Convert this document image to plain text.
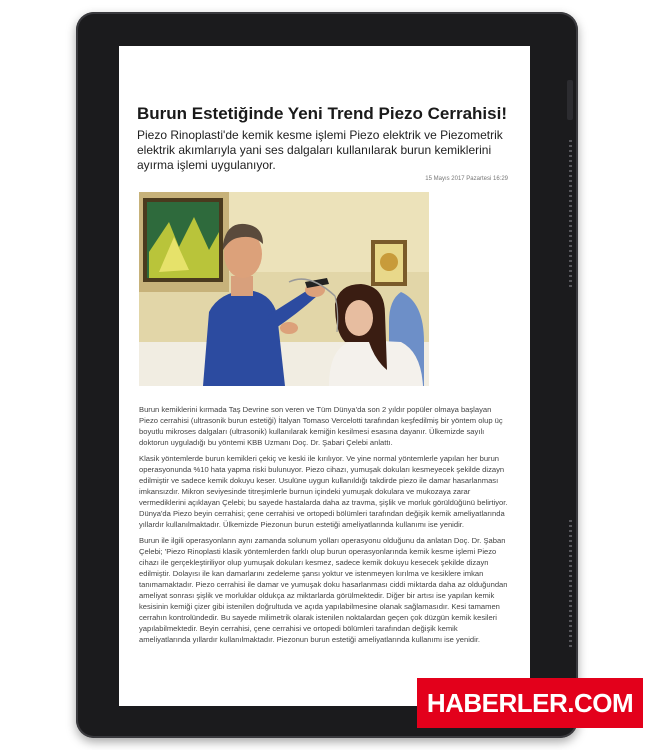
Burun Estetiğinde Yeni Trend Piezo Cerrahisi!

Piezo Rinoplasti'de kemik kesme işlemi Piezo elektrik ve Piezometrik elektrik akımlarıyla yani ses dalgaları kullanılarak burun kemiklerini ayırma işlemi uygulanıyor.

15 Mayıs 2017 Pazartesi 16:29

Burun kemiklerini kırmada Taş Devrine son veren ve Tüm Dünya'da son 2 yıldır popüler olmaya başlayan Piezo cerrahisi (ultrasonik burun estetiği) İtalyan Tomaso Vercelotti tarafından keşfedilmiş bir yöntem olup üç boyutlu mikroses dalgaları (ultrasonik) kullanılarak kemiğin kesilmesi esasına dayanır. Ülkemizde sayılı doktorun uyguladığı bu yöntemi KBB Uzmanı Doç. Dr. Şabari Çelebi anlattı.

Klasik yöntemlerde burun kemikleri çekiç ve keski ile kırılıyor. Ve yine normal yöntemlerle yapılan her burun operasyonunda %10 hata yapma riski bulunuyor. Piezo cihazı, yumuşak dokuları kesmeyecek şekilde dizayn edilmiştir ve sadece kemik dokuyu keser. Usulüne uygun kullanıldığı takdirde piezo ile damar hasarlanması imkansızdır. Mikron seviyesinde titreşimlerle burnun içindeki yumuşak dokulara ve mukozaya zarar vermediklerini açıklayan Çelebi; bu sayede hastalarda daha az travma, şişlik ve morluk görüldüğünü belirtiyor. Dünya'da Piezo beyin cerrahisi; çene cerrahisi ve ortopedi bölümleri tarafından değişik kemik ameliyatlarında yıllardır kullanılmaktadır. Ülkemizde Piezonun burun estetiği ameliyatlarında kullanımı ise yenidir.

Burun ile ilgili operasyonların aynı zamanda solunum yolları operasyonu olduğunu da anlatan Doç. Dr. Şaban Çelebi; 'Piezo Rinoplasti klasik yöntemlerden farklı olup burun operasyonlarında kemik kesme işlemi Piezo cihazı ile gerçekleştiriliyor olup yumuşak dokuları kesmez, sadece kemik dokuyu kesecek şekilde dizayn edilmiştir. Dolayısı ile kan damarlarını zedeleme şansı yoktur ve istenmeyen kırılma ve kesiklere imkan tanımamaktadır. Piezo cerrahisi ile damar ve yumuşak doku hasarlanması ciddi miktarda daha az olduğundan ameliyat sonrası şişlik ve morluklar oldukça az miktarlarda görülmektedir. Diğer bir artısı ise yapılan kemik kesisinin kemiği çizer gibi istenilen doğrultuda ve açıda yapılabilmesine olanak sağlamasıdır. Kesi tamamen cerrahın kontrolündedir. Bu sayede milimetrik olarak istenilen noktalardan geçen çok düzgün kemik kesileri yapılabilmektedir. Beyin cerrahisi, çene cerrahisi ve ortopedi bölümleri tarafından değişik kemik ameliyatlarında yıllardır kullanılmaktadır. Piezonun burun estetiği ameliyatlarında kullanımı ise yenidir.

HABERLER.COM
